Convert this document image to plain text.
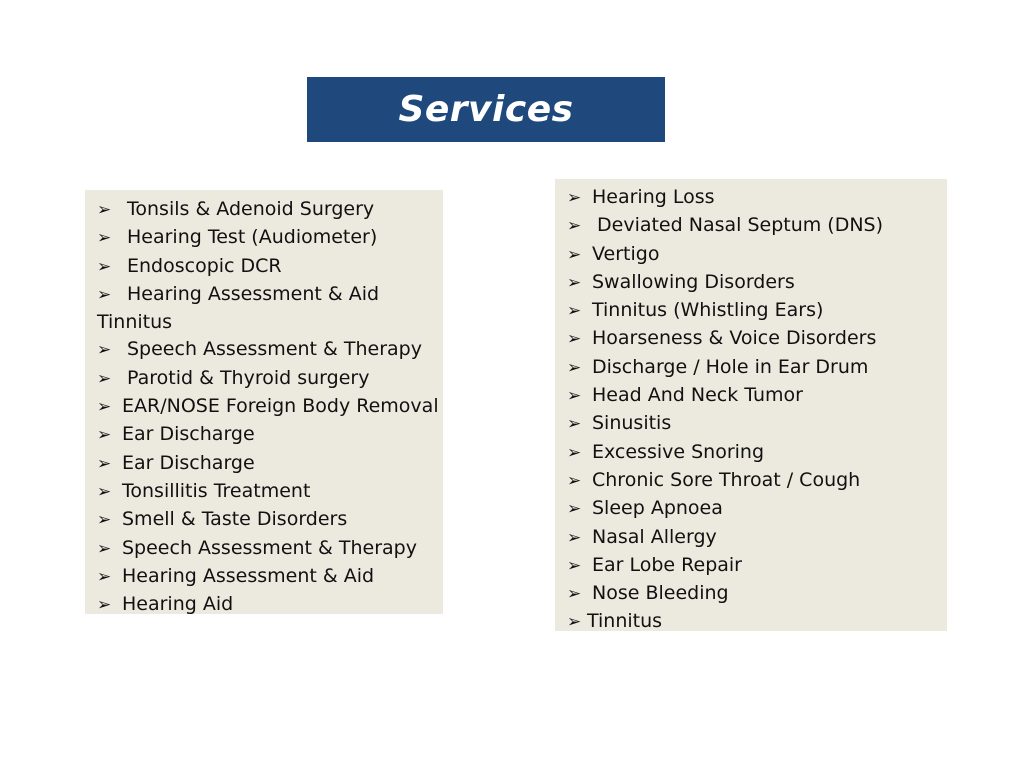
Services
➢ Tonsils & Adenoid Surgery
➢ Hearing Test (Audiometer)
➢ Endoscopic DCR
➢ Hearing Assessment & Aid
Tinnitus
➢ Speech Assessment & Therapy
➢ Parotid & Thyroid surgery
➢ EAR/NOSE Foreign Body Removal
➢ Ear Discharge
➢ Ear Discharge
➢ Tonsillitis Treatment
➢ Smell & Taste Disorders
➢ Speech Assessment & Therapy
➢ Hearing Assessment & Aid
➢ Hearing Aid
➢ Hearing Loss
➢ Deviated Nasal Septum (DNS)
➢ Vertigo
➢ Swallowing Disorders
➢ Tinnitus (Whistling Ears)
➢ Hoarseness & Voice Disorders
➢ Discharge / Hole in Ear Drum
➢ Head And Neck Tumor
➢ Sinusitis
➢ Excessive Snoring
➢ Chronic Sore Throat / Cough
➢ Sleep Apnoea
➢ Nasal Allergy
➢ Ear Lobe Repair
➢ Nose Bleeding
➢ Tinnitus
